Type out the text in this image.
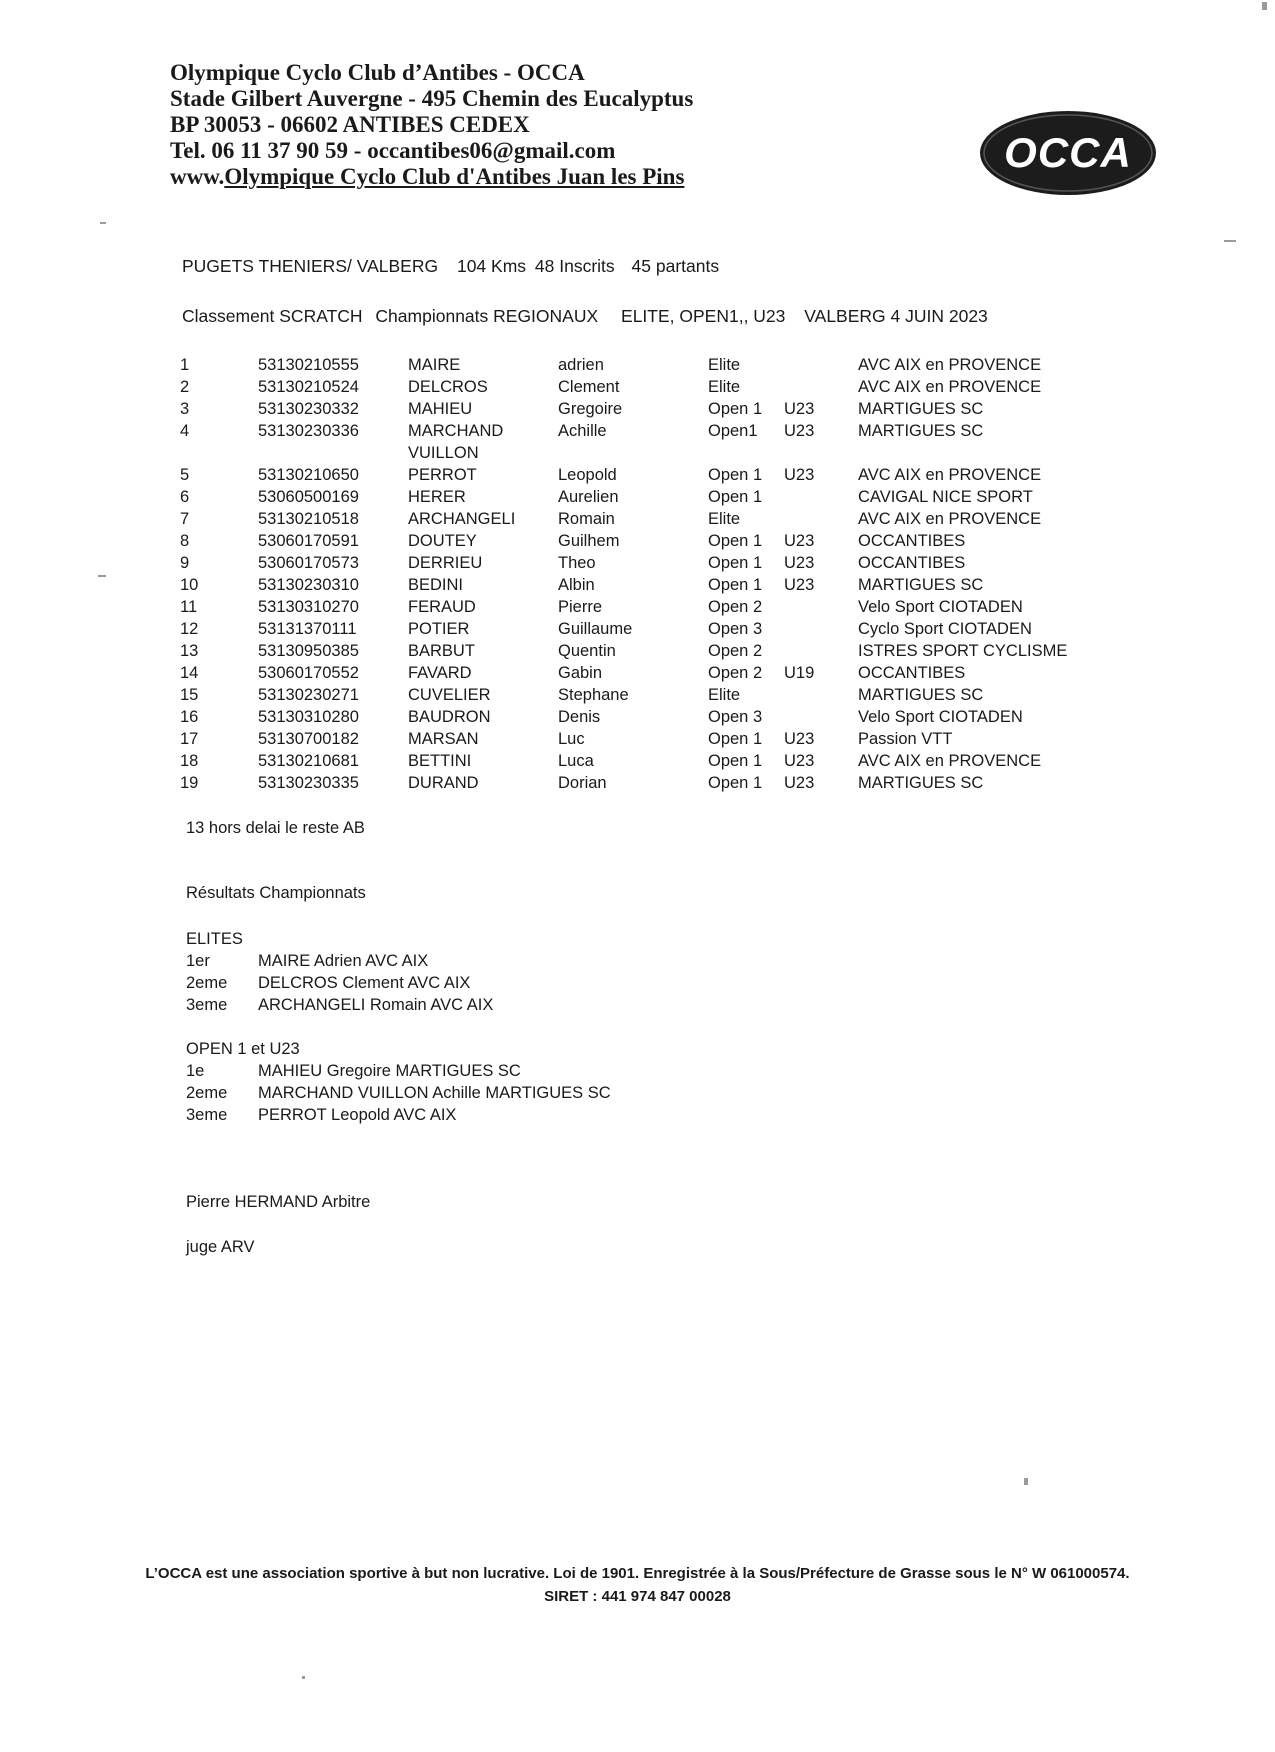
Olympique Cyclo Club d’Antibes - OCCA
Stade Gilbert Auvergne - 495 Chemin des Eucalyptus
BP 30053 - 06602 ANTIBES CEDEX
Tel. 06 11 37 90 59 - occantibes06@gmail.com
www.Olympique Cyclo Club d'Antibes Juan les Pins
OCCA
PUGETS THENIERS/ VALBERG 104 Kms 48 Inscrits 45 partants
Classement SCRATCH Championnats REGIONAUX ELITE, OPEN1,, U23 VALBERG 4 JUIN 2023
1	53130210555	MAIRE	adrien	Elite		AVC AIX en PROVENCE
2	53130210524	DELCROS	Clement	Elite		AVC AIX en PROVENCE
3	53130230332	MAHIEU	Gregoire	Open 1	U23	MARTIGUES SC
4	53130230336	MARCHAND	Achille	Open1	U23	MARTIGUES SC
		VUILLON				
5	53130210650	PERROT	Leopold	Open 1	U23	AVC AIX en PROVENCE
6	53060500169	HERER	Aurelien	Open 1		CAVIGAL NICE SPORT
7	53130210518	ARCHANGELI	Romain	Elite		AVC AIX en PROVENCE
8	53060170591	DOUTEY	Guilhem	Open 1	U23	OCCANTIBES
9	53060170573	DERRIEU	Theo	Open 1	U23	OCCANTIBES
10	53130230310	BEDINI	Albin	Open 1	U23	MARTIGUES SC
11	53130310270	FERAUD	Pierre	Open 2		Velo Sport CIOTADEN
12	53131370111	POTIER	Guillaume	Open 3		Cyclo Sport CIOTADEN
13	53130950385	BARBUT	Quentin	Open 2		ISTRES SPORT CYCLISME
14	53060170552	FAVARD	Gabin	Open 2	U19	OCCANTIBES
15	53130230271	CUVELIER	Stephane	Elite		MARTIGUES SC
16	53130310280	BAUDRON	Denis	Open 3		Velo Sport CIOTADEN
17	53130700182	MARSAN	Luc	Open 1	U23	Passion VTT
18	53130210681	BETTINI	Luca	Open 1	U23	AVC AIX en PROVENCE
19	53130230335	DURAND	Dorian	Open 1	U23	MARTIGUES SC
13 hors delai le reste AB
Résultats Championnats
ELITES
1er	MAIRE Adrien AVC AIX
2eme DELCROS Clement AVC AIX
3eme ARCHANGELI Romain AVC AIX
OPEN 1 et U23
1e	MAHIEU Gregoire MARTIGUES SC
2eme MARCHAND VUILLON Achille MARTIGUES SC
3eme PERROT Leopold AVC AIX
Pierre HERMAND Arbitre
juge ARV
L’OCCA est une association sportive à but non lucrative. Loi de 1901. Enregistrée à la Sous/Préfecture de Grasse sous le N° W 061000574.
SIRET : 441 974 847 00028
